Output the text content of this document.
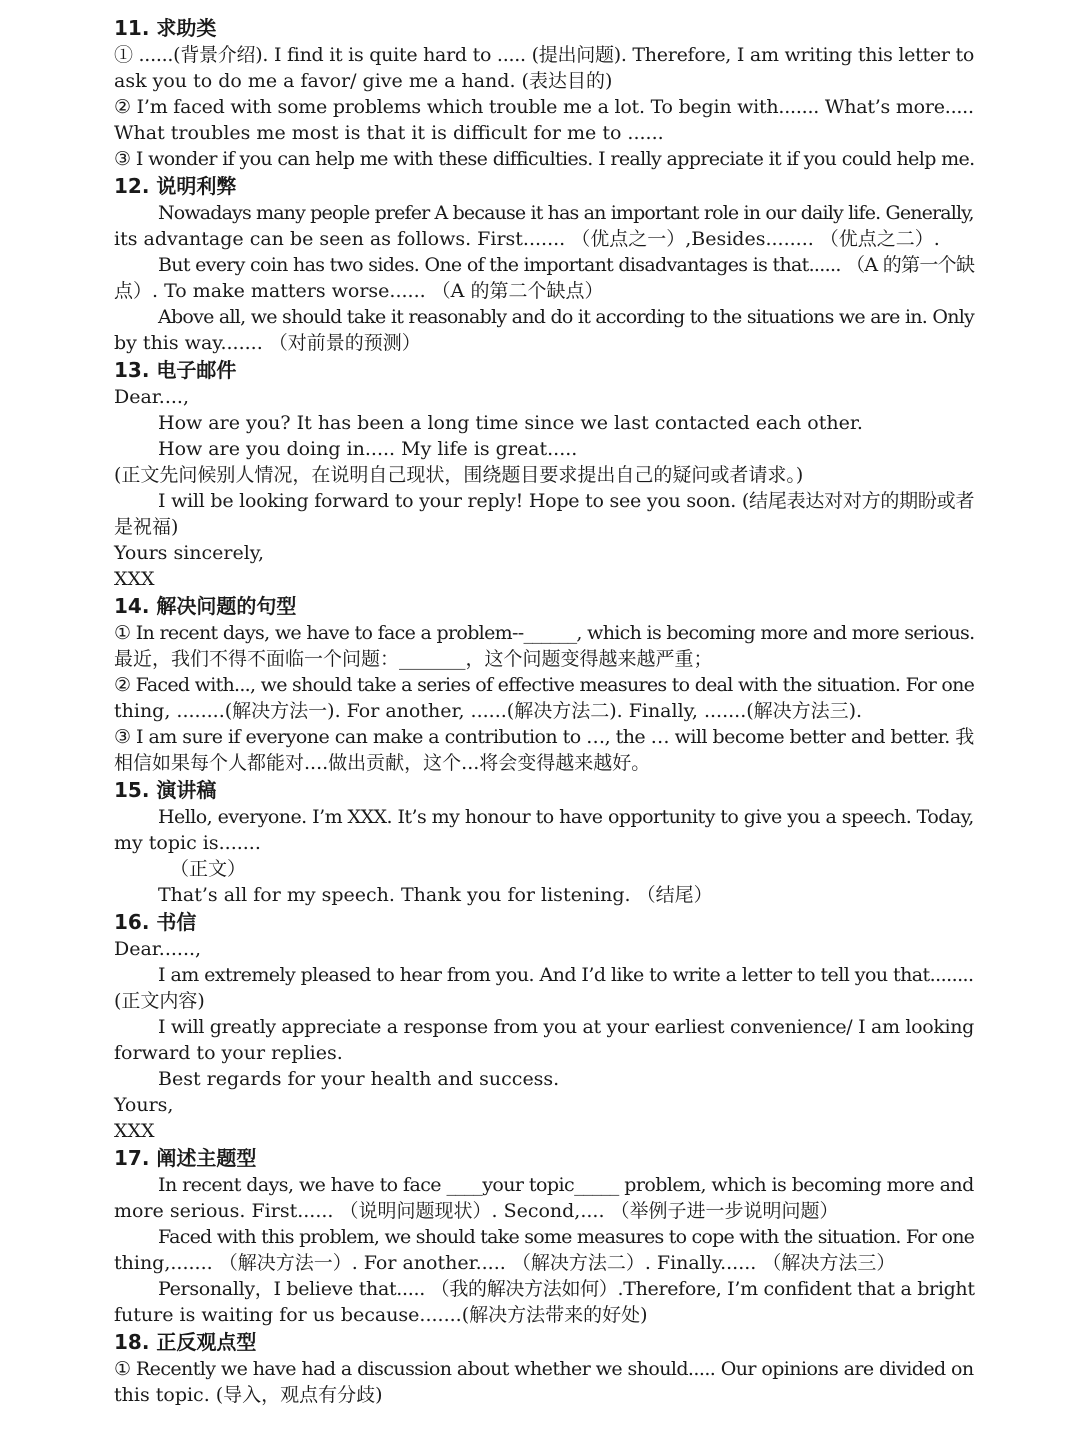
11. 求助类

① ......(背景介绍). I find it is quite hard to ..... (提出问题). Therefore, I am writing this letter to

ask you to do me a favor/ give me a hand. (表达目的)

② I’m faced with some problems which trouble me a lot. To begin with....... What’s more.....

What troubles me most is that it is difficult for me to ......

③ I wonder if you can help me with these difficulties. I really appreciate it if you could help me.

12. 说明利弊

Nowadays many people prefer A because it has an important role in our daily life. Generally,

its advantage can be seen as follows. First....... （优点之一）,Besides........ （优点之二）.

But every coin has two sides. One of the important disadvantages is that...... （A 的第一个缺

点）. To make matters worse...... （A 的第二个缺点）

Above all, we should take it reasonably and do it according to the situations we are in. Only

by this way....... （对前景的预测）

13. 电子邮件

Dear....,

How are you? It has been a long time since we last contacted each other.

How are you doing in..... My life is great.....

(正文先问候别人情况，在说明自己现状，围绕题目要求提出自己的疑问或者请求。)

I will be looking forward to your reply! Hope to see you soon. (结尾表达对对方的期盼或者

是祝福)

Yours sincerely,

XXX

14. 解决问题的句型

① In recent days, we have to face a problem--______, which is becoming more and more serious.

最近，我们不得不面临一个问题：_______，这个问题变得越来越严重；

② Faced with..., we should take a series of effective measures to deal with the situation. For one

thing, ........(解决方法一). For another, ......(解决方法二). Finally, .......(解决方法三).

③ I am sure if everyone can make a contribution to …, the … will become better and better. 我

相信如果每个人都能对....做出贡献，这个...将会变得越来越好。

15. 演讲稿

Hello, everyone. I’m XXX. It’s my honour to have opportunity to give you a speech. Today,

my topic is.......

（正文）

That’s all for my speech. Thank you for listening. （结尾）

16. 书信

Dear......,

I am extremely pleased to hear from you. And I’d like to write a letter to tell you that........

(正文内容)

I will greatly appreciate a response from you at your earliest convenience/ I am looking

forward to your replies.

Best regards for your health and success.

Yours,

XXX

17. 阐述主题型

In recent days, we have to face ____your topic_____ problem, which is becoming more and

more serious. First...... （说明问题现状）. Second,.... （举例子进一步说明问题）

Faced with this problem, we should take some measures to cope with the situation. For one

thing,....... （解决方法一）. For another..... （解决方法二）. Finally...... （解决方法三）

Personally，I believe that..... （我的解决方法如何）.Therefore, I’m confident that a bright

future is waiting for us because.......(解决方法带来的好处)

18. 正反观点型

① Recently we have had a discussion about whether we should..... Our opinions are divided on

this topic. (导入，观点有分歧)
